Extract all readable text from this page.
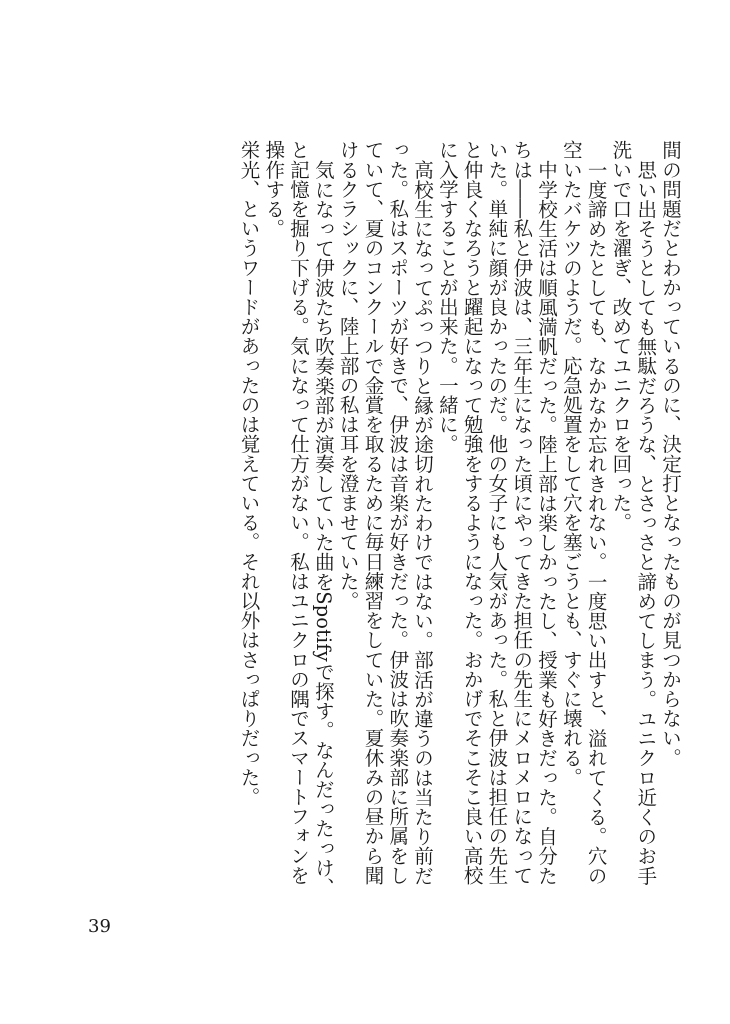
間の問題だとわかっているのに、決定打となったものが見つからない。

思い出そうとしても無駄だろうな、とさっさと諦めてしまう。ユニクロ近くのお手洗いで口を濯ぎ、改めてユニクロを回った。

一度諦めたとしても、なかなか忘れきれない。一度思い出すと、溢れてくる。穴の空いたバケツのようだ。応急処置をして穴を塞ごうとも、すぐに壊れる。

中学校生活は順風満帆だった。陸上部は楽しかったし、授業も好きだった。自分たちは――私と伊波は、三年生になった頃にやってきた担任の先生にメロメロになっていた。単純に顔が良かったのだ。他の女子にも人気があった。私と伊波は担任の先生と仲良くなろうと躍起になって勉強をするようになった。おかげでそこそこ良い高校に入学することが出来た。一緒に。

高校生になってぷっつりと縁が途切れたわけではない。部活が違うのは当たり前だった。私はスポーツが好きで、伊波は音楽が好きだった。伊波は吹奏楽部に所属をしていて、夏のコンクールで金賞を取るために毎日練習をしていた。夏休みの昼から聞けるクラシックに、陸上部の私は耳を澄ませていた。

気になって伊波たち吹奏楽部が演奏していた曲をSpotifyで探す。なんだったっけ、と記憶を掘り下げる。気になって仕方がない。私はユニクロの隅でスマートフォンを操作する。

栄光、というワードがあったのは覚えている。それ以外はさっぱりだった。

39
